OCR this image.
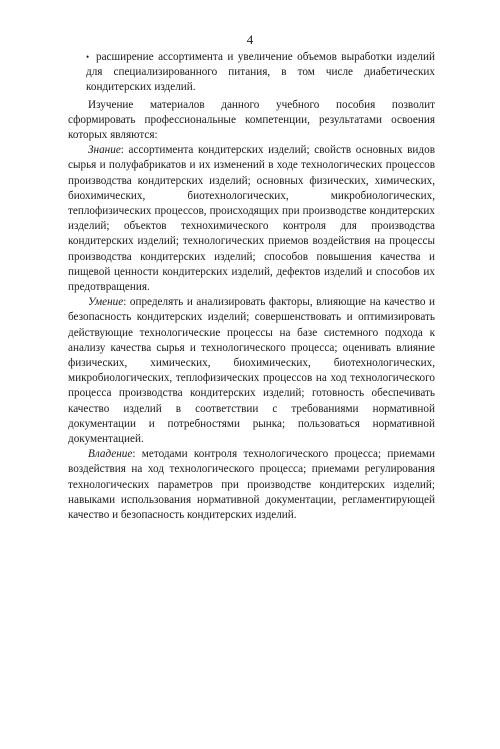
4

• расширение ассортимента и увеличение объемов выработки изделий для специализированного питания, в том числе диабетических кондитерских изделий.

Изучение материалов данного учебного пособия позволит сформировать профессиональные компетенции, результатами освоения которых являются:

Знание: ассортимента кондитерских изделий; свойств основных видов сырья и полуфабрикатов и их изменений в ходе технологических процессов производства кондитерских изделий; основных физических, химических, биохимических, биотехнологических, микробиологических, теплофизических процессов, происходящих при производстве кондитерских изделий; объектов технохимического контроля для производства кондитерских изделий; технологических приемов воздействия на процессы производства кондитерских изделий; способов повышения качества и пищевой ценности кондитерских изделий, дефектов изделий и способов их предотвращения.

Умение: определять и анализировать факторы, влияющие на качество и безопасность кондитерских изделий; совершенствовать и оптимизировать действующие технологические процессы на базе системного подхода к анализу качества сырья и технологического процесса; оценивать влияние физических, химических, биохимических, биотехнологических, микробиологических, теплофизических процессов на ход технологического процесса производства кондитерских изделий; готовность обеспечивать качество изделий в соответствии с требованиями нормативной документации и потребностями рынка; пользоваться нормативной документацией.

Владение: методами контроля технологического процесса; приемами воздействия на ход технологического процесса; приемами регулирования технологических параметров при производстве кондитерских изделий; навыками использования нормативной документации, регламентирующей качество и безопасность кондитерских изделий.
